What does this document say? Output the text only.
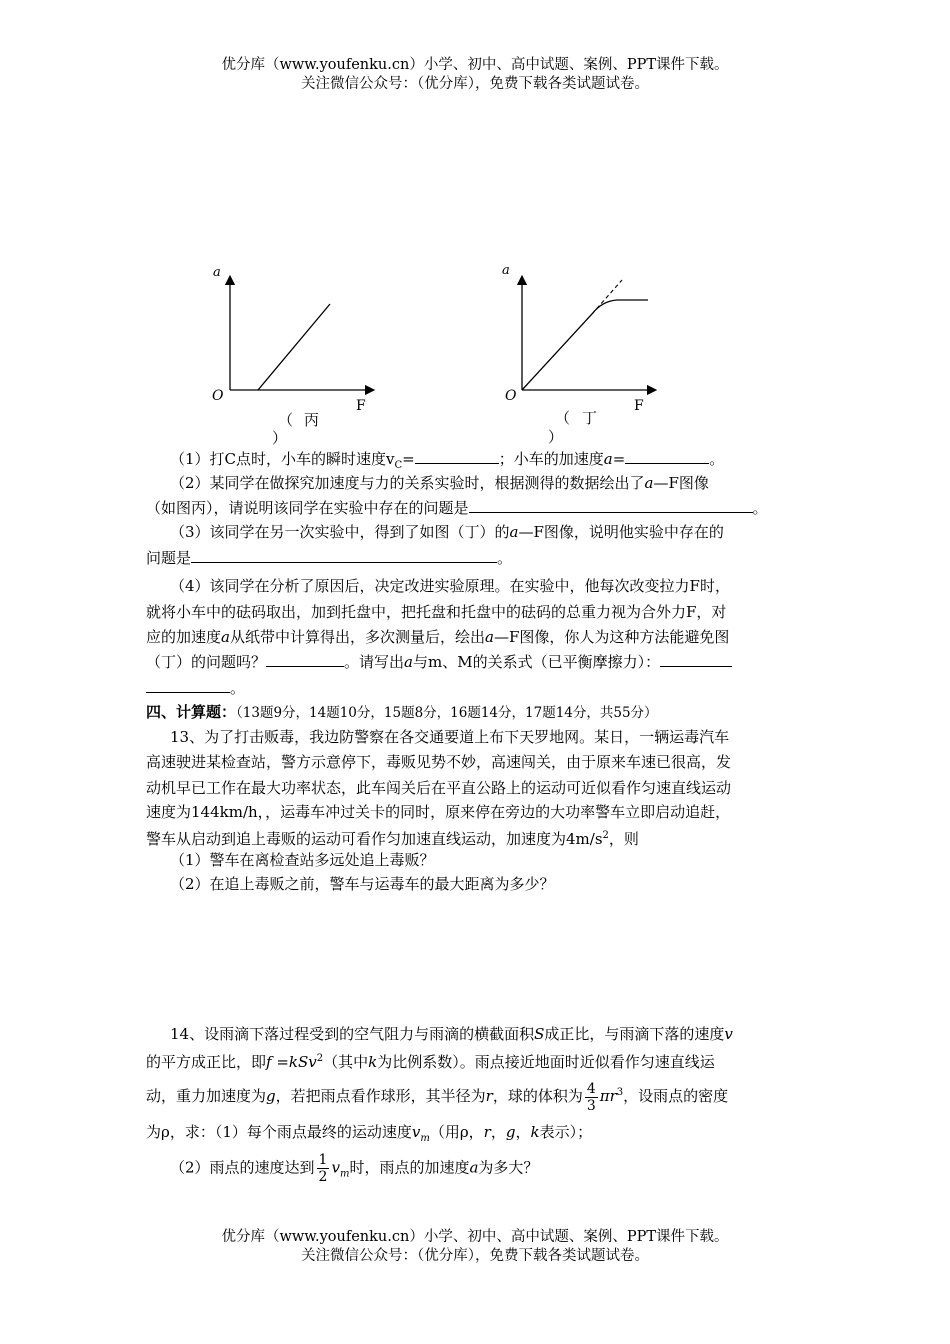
优分库（www.youfenku.cn）小学、初中、高中试题、案例、PPT课件下载。
关注微信公众号：（优分库），免费下载各类试题试卷。
a
O
F
（ 丙
）
a
O
F
（ 丁
）
（1）打C点时，小车的瞬时速度$v_C=$	；小车的加速度a=	。
（2）某同学在做探究加速度与力的关系实验时，根据测得的数据绘出了a—F图像
（如图丙），请说明该同学在实验中存在的问题是	。
（3）该同学在另一次实验中，得到了如图（丁）的a—F图像，说明他实验中存在的
问题是	。
（4）该同学在分析了原因后，决定改进实验原理。在实验中，他每次改变拉力F时，
就将小车中的砝码取出，加到托盘中，把托盘和托盘中的砝码的总重力视为合外力F，对
应的加速度a从纸带中计算得出，多次测量后，绘出a—F图像，你人为这种方法能避免图
（丁）的问题吗？	。请写出a与m、M的关系式（已平衡摩擦力）：
。
四、计算题：（13题9分，14题10分，15题8分，16题14分，17题14分，共55分）
13、为了打击贩毒，我边防警察在各交通要道上布下天罗地网。某日，一辆运毒汽车
高速驶进某检查站，警方示意停下，毒贩见势不妙，高速闯关，由于原来车速已很高，发
动机早已工作在最大功率状态，此车闯关后在平直公路上的运动可近似看作匀速直线运动
速度为144km/h，，运毒车冲过关卡的同时，原来停在旁边的大功率警车立即启动追赶，
警车从启动到追上毒贩的运动可看作匀加速直线运动，加速度为$4m/s^2$，则
（1）警车在离检查站多远处追上毒贩？
（2）在追上毒贩之前，警车与运毒车的最大距离为多少？
14、设雨滴下落过程受到的空气阻力与雨滴的横截面积S成正比，与雨滴下落的速度v
的平方成正比，即f =kSv$^2$（其中k为比例系数）。雨点接近地面时近似看作匀速直线运
动，重力加速度为g，若把雨点看作球形，其半径为r，球的体积为 $\frac{4}{3} \pi r^3$，设雨点的密度
为ρ，求：（1）每个雨点最终的运动速度$v_m$（用ρ，r，g，k表示）；
（2）雨点的速度达到 $\frac{1}{2} v_m$时，雨点的加速度a为多大？
优分库（www.youfenku.cn）小学、初中、高中试题、案例、PPT课件下载。
关注微信公众号：（优分库），免费下载各类试题试卷。
